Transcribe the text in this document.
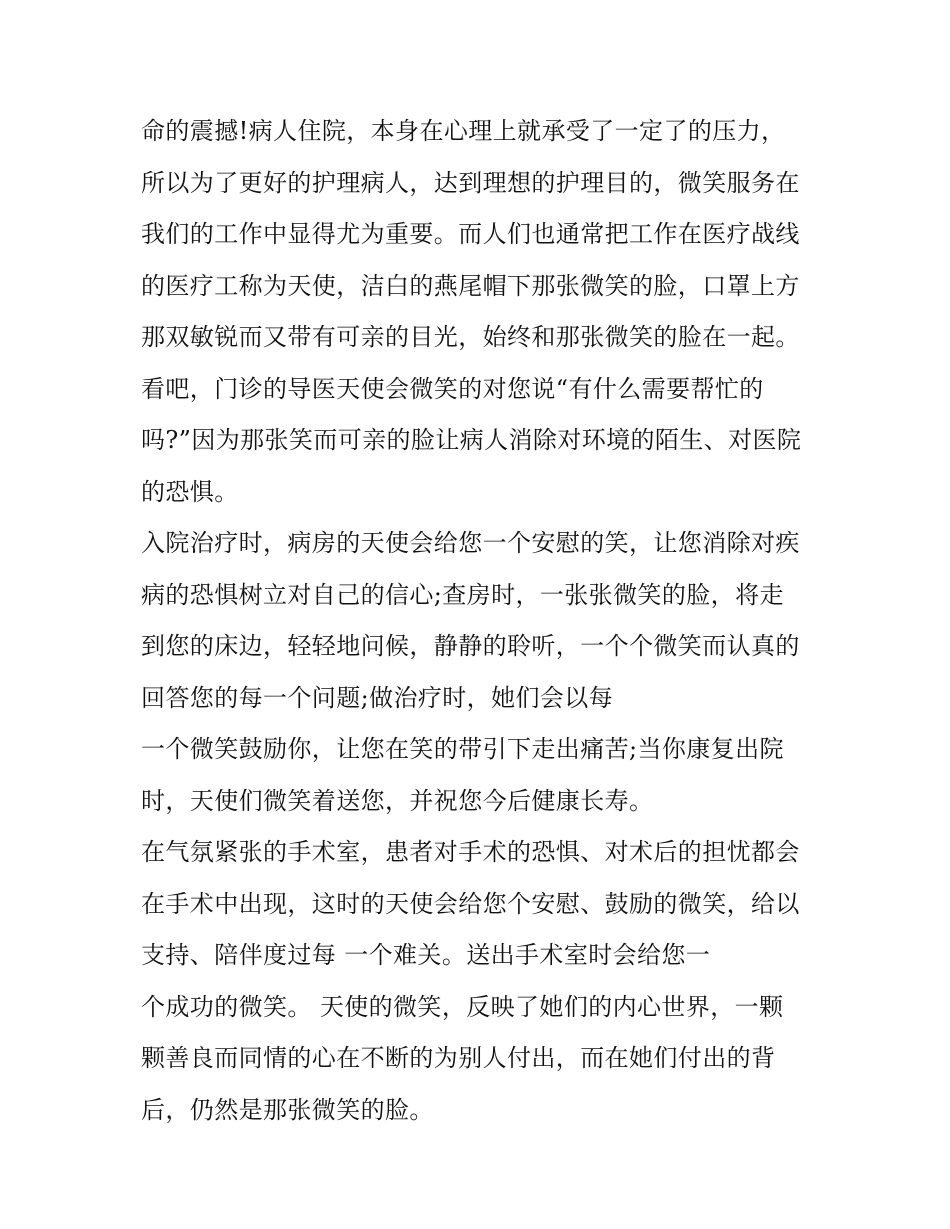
命的震撼!病人住院，本身在心理上就承受了一定了的压力，
所以为了更好的护理病人，达到理想的护理目的，微笑服务在
我们的工作中显得尤为重要。而人们也通常把工作在医疗战线
的医疗工称为天使，洁白的燕尾帽下那张微笑的脸，口罩上方
那双敏锐而又带有可亲的目光，始终和那张微笑的脸在一起。
看吧，门诊的导医天使会微笑的对您说“有什么需要帮忙的
吗?”因为那张笑而可亲的脸让病人消除对环境的陌生、对医院
的恐惧。
入院治疗时，病房的天使会给您一个安慰的笑，让您消除对疾
病的恐惧树立对自己的信心;查房时，一张张微笑的脸，将走
到您的床边，轻轻地问候，静静的聆听，一个个微笑而认真的
回答您的每一个问题;做治疗时，她们会以每
一个微笑鼓励你，让您在笑的带引下走出痛苦;当你康复出院
时，天使们微笑着送您，并祝您今后健康长寿。
在气氛紧张的手术室，患者对手术的恐惧、对术后的担忧都会
在手术中出现，这时的天使会给您个安慰、鼓励的微笑，给以
支持、陪伴度过每 一个难关。送出手术室时会给您一
个成功的微笑。 天使的微笑，反映了她们的内心世界，一颗
颗善良而同情的心在不断的为别人付出，而在她们付出的背
后，仍然是那张微笑的脸。
